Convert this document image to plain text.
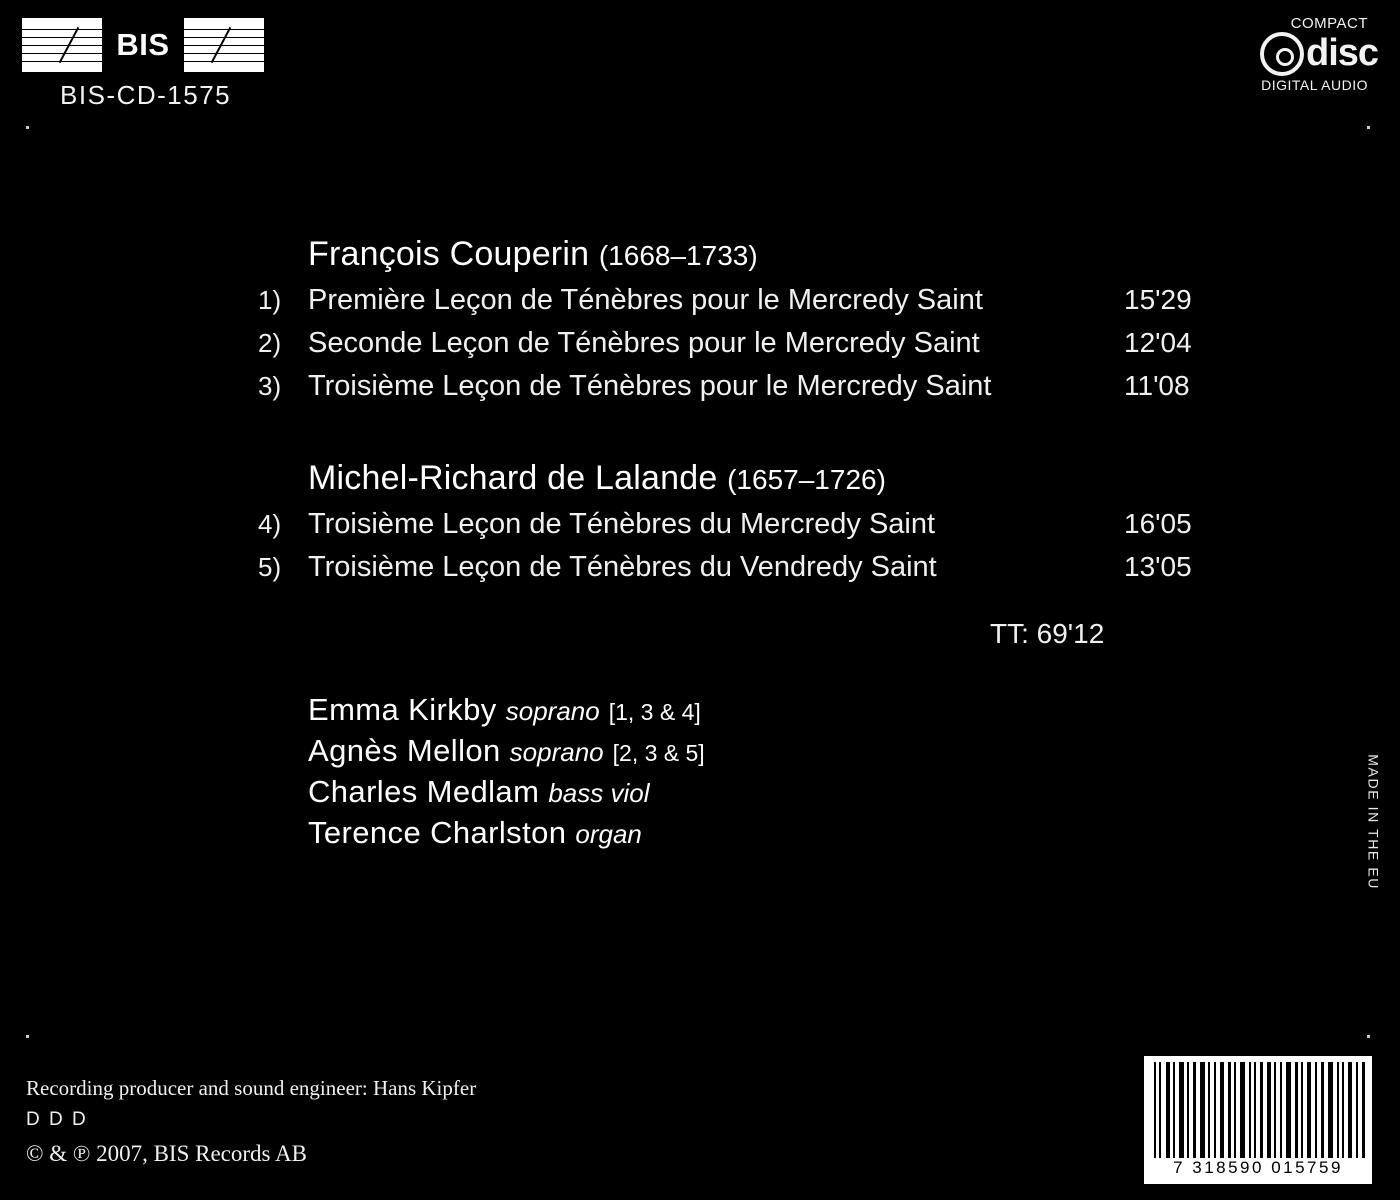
BIS
BIS-CD-1575
COMPACT
disc
DIGITAL AUDIO
François Couperin (1668–1733)
1) Première Leçon de Ténèbres pour le Mercredy Saint	15'29
2) Seconde Leçon de Ténèbres pour le Mercredy Saint	12'04
3) Troisième Leçon de Ténèbres pour le Mercredy Saint	11'08
Michel-Richard de Lalande (1657–1726)
4) Troisième Leçon de Ténèbres du Mercredy Saint	16'05
5) Troisième Leçon de Ténèbres du Vendredy Saint	13'05
TT: 69'12
Emma Kirkby soprano [1, 3 & 4]
Agnès Mellon soprano [2, 3 & 5]
Charles Medlam bass viol
Terence Charlston organ
Recording producer and sound engineer: Hans Kipfer
D D D
© & ℗ 2007, BIS Records AB
MADE IN THE EU
7 318590 015759
